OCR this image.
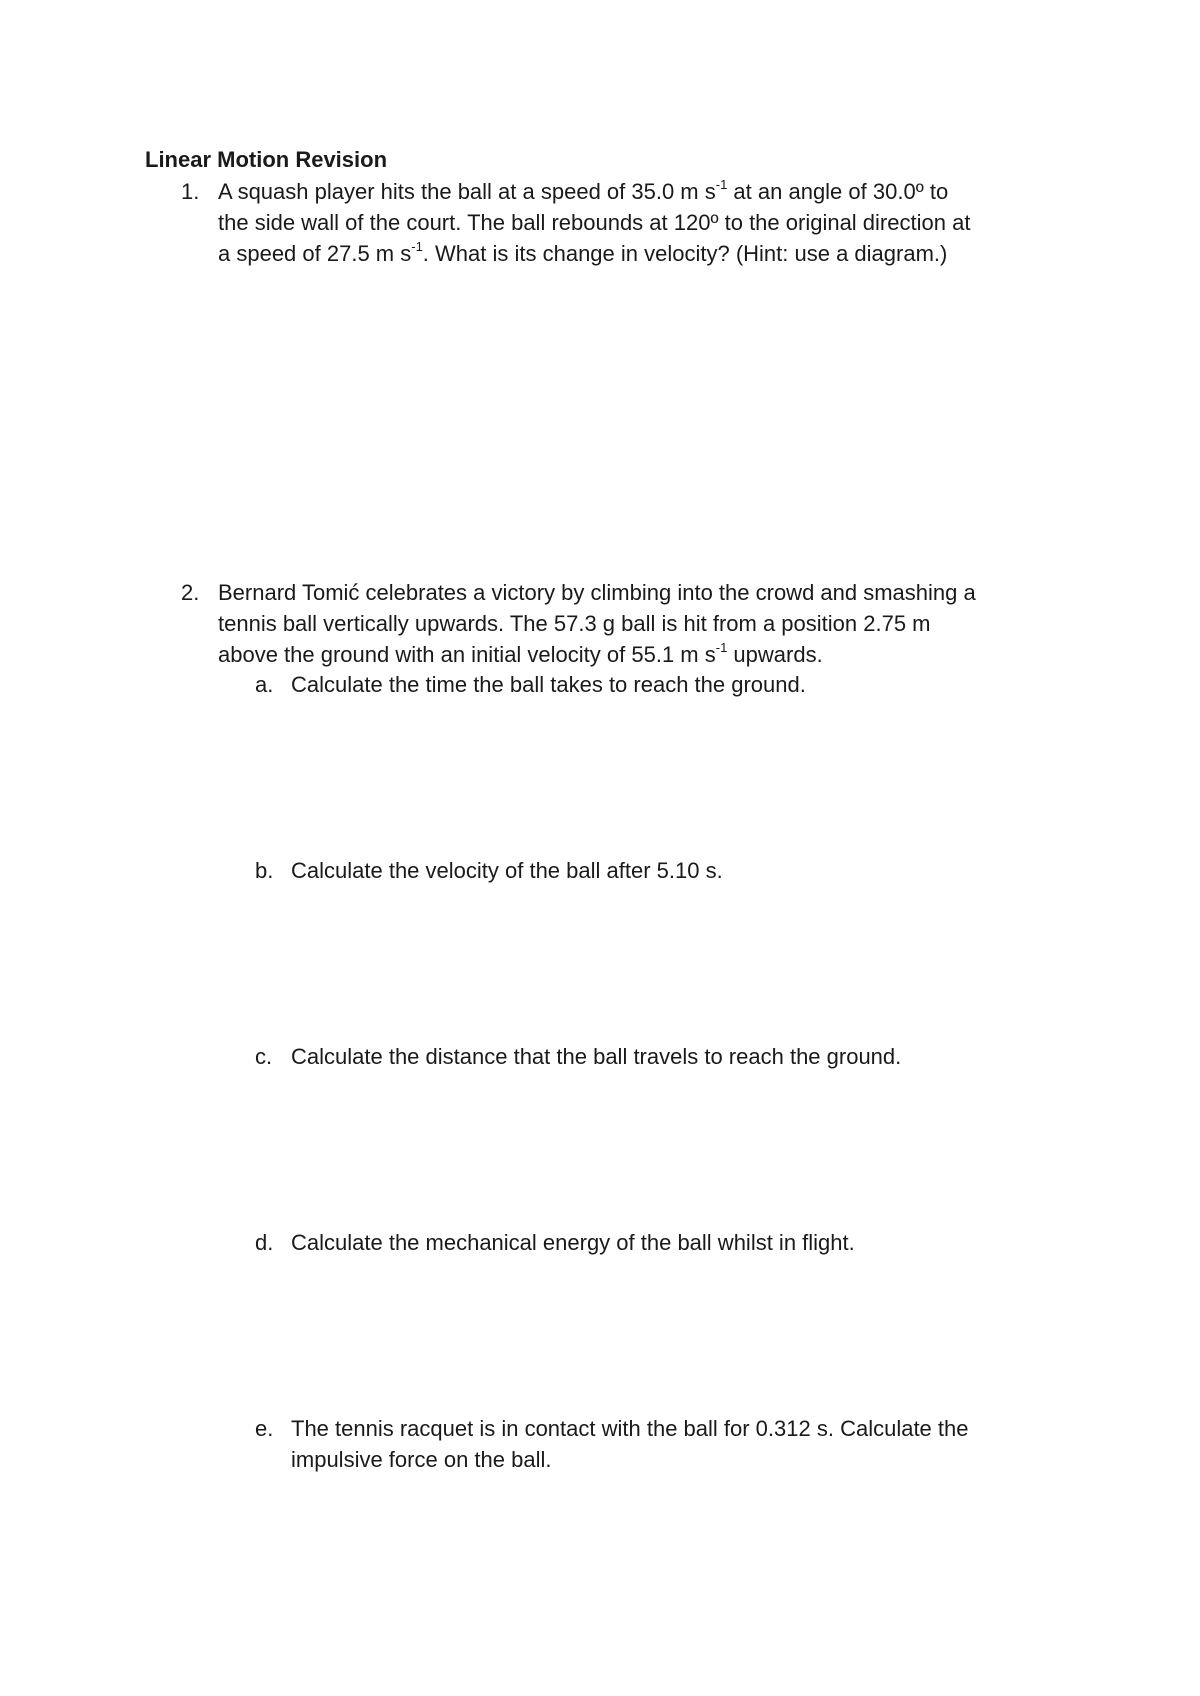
Linear Motion Revision
1. A squash player hits the ball at a speed of 35.0 m $s^{-1}$ at an angle of 30.0º to
the side wall of the court. The ball rebounds at 120º to the original direction at
a speed of 27.5 m $s^{-1}$. What is its change in velocity? (Hint: use a diagram.)
2. Bernard Tomić celebrates a victory by climbing into the crowd and smashing a
tennis ball vertically upwards. The 57.3 g ball is hit from a position 2.75 m
above the ground with an initial velocity of 55.1 m $s^{-1}$ upwards.
a. Calculate the time the ball takes to reach the ground.
b. Calculate the velocity of the ball after 5.10 s.
c. Calculate the distance that the ball travels to reach the ground.
d. Calculate the mechanical energy of the ball whilst in flight.
e. The tennis racquet is in contact with the ball for 0.312 s. Calculate the
impulsive force on the ball.
